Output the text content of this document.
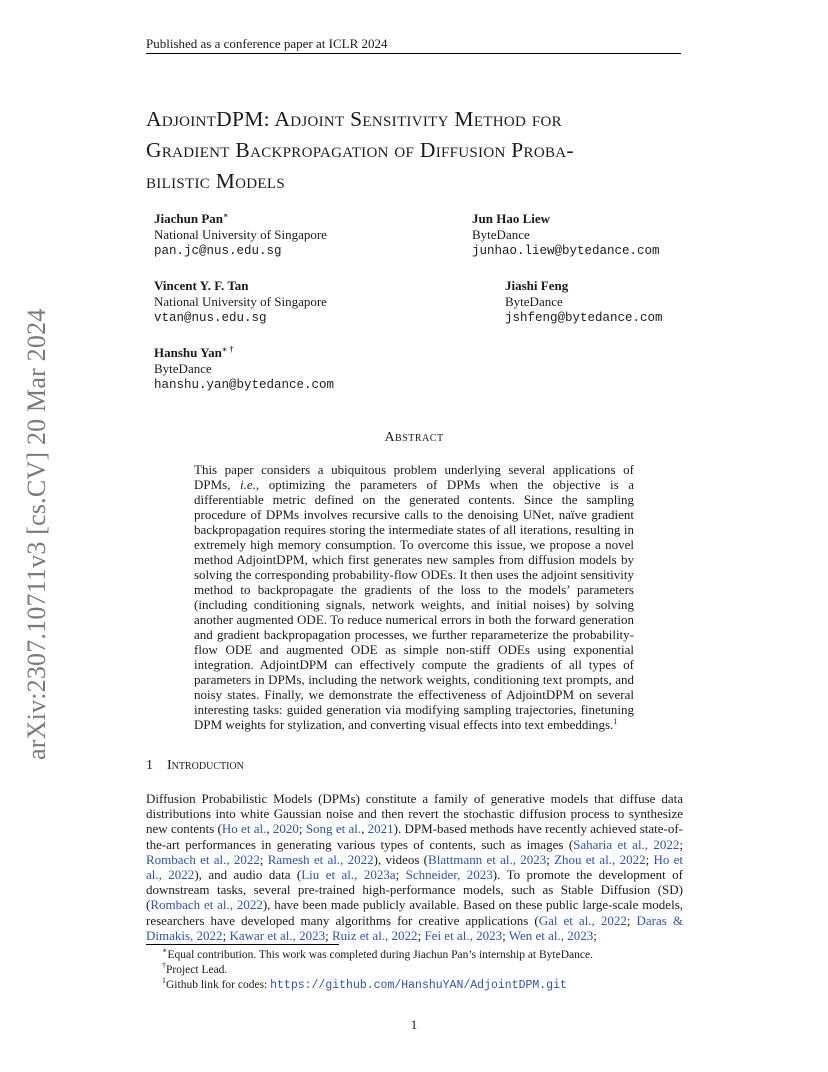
Published as a conference paper at ICLR 2024
arXiv:2307.10711v3 [cs.CV] 20 Mar 2024
AdjointDPM: Adjoint Sensitivity Method for
Gradient Backpropagation of Diffusion Proba-
bilistic Models
Jiachun Pan∗
National University of Singapore
pan.jc@nus.edu.sg
Jun Hao Liew
ByteDance
junhao.liew@bytedance.com
Vincent Y. F. Tan
National University of Singapore
vtan@nus.edu.sg
Jiashi Feng
ByteDance
jshfeng@bytedance.com
Hanshu Yan∗ †
ByteDance
hanshu.yan@bytedance.com
Abstract
This paper considers a ubiquitous problem underlying several applications of DPMs, i.e., optimizing the parameters of DPMs when the objective is a differentiable metric defined on the generated contents. Since the sampling procedure of DPMs involves recursive calls to the denoising UNet, naïve gradient backpropagation requires storing the intermediate states of all iterations, resulting in extremely high memory consumption. To overcome this issue, we propose a novel method AdjointDPM, which first generates new samples from diffusion models by solving the corresponding probability-flow ODEs. It then uses the adjoint sensitivity method to backpropagate the gradients of the loss to the models’ parameters (including conditioning signals, network weights, and initial noises) by solving another augmented ODE. To reduce numerical errors in both the forward generation and gradient backpropagation processes, we further reparameterize the probability-flow ODE and augmented ODE as simple non-stiff ODEs using exponential integration. AdjointDPM can effectively compute the gradients of all types of parameters in DPMs, including the network weights, conditioning text prompts, and noisy states. Finally, we demonstrate the effectiveness of AdjointDPM on several interesting tasks: guided generation via modifying sampling trajectories, finetuning DPM weights for stylization, and converting visual effects into text embeddings.$^1$
1 Introduction
Diffusion Probabilistic Models (DPMs) constitute a family of generative models that diffuse data distributions into white Gaussian noise and then revert the stochastic diffusion process to synthesize new contents (Ho et al., 2020; Song et al., 2021). DPM-based methods have recently achieved state-of-the-art performances in generating various types of contents, such as images (Saharia et al., 2022; Rombach et al., 2022; Ramesh et al., 2022), videos (Blattmann et al., 2023; Zhou et al., 2022; Ho et al., 2022), and audio data (Liu et al., 2023a; Schneider, 2023). To promote the development of downstream tasks, several pre-trained high-performance models, such as Stable Diffusion (SD) (Rombach et al., 2022), have been made publicly available. Based on these public large-scale models, researchers have developed many algorithms for creative applications (Gal et al., 2022; Daras & Dimakis, 2022; Kawar et al., 2023; Ruiz et al., 2022; Fei et al., 2023; Wen et al., 2023;
∗Equal contribution. This work was completed during Jiachun Pan’s internship at ByteDance.
†Project Lead.
$^1$Github link for codes: https://github.com/HanshuYAN/AdjointDPM.git
1
